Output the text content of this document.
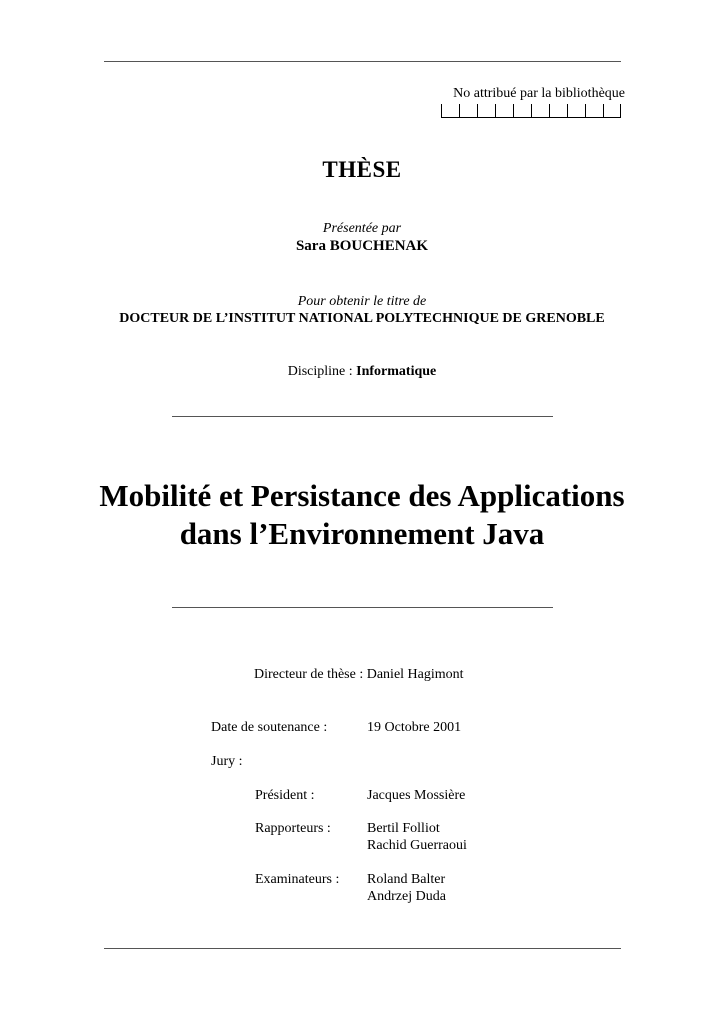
No attribué par la bibliothèque
THÈSE
Présentée par
Sara BOUCHENAK
Pour obtenir le titre de
DOCTEUR DE L’INSTITUT NATIONAL POLYTECHNIQUE DE GRENOBLE
Discipline : Informatique
Mobilité et Persistance des Applications
dans l’Environnement Java
Directeur de thèse : Daniel Hagimont
Date de soutenance :	19 Octobre 2001
Jury :
Président :	Jacques Mossière
Rapporteurs :	Bertil Folliot
Rachid Guerraoui
Examinateurs : Roland Balter
Andrzej Duda
